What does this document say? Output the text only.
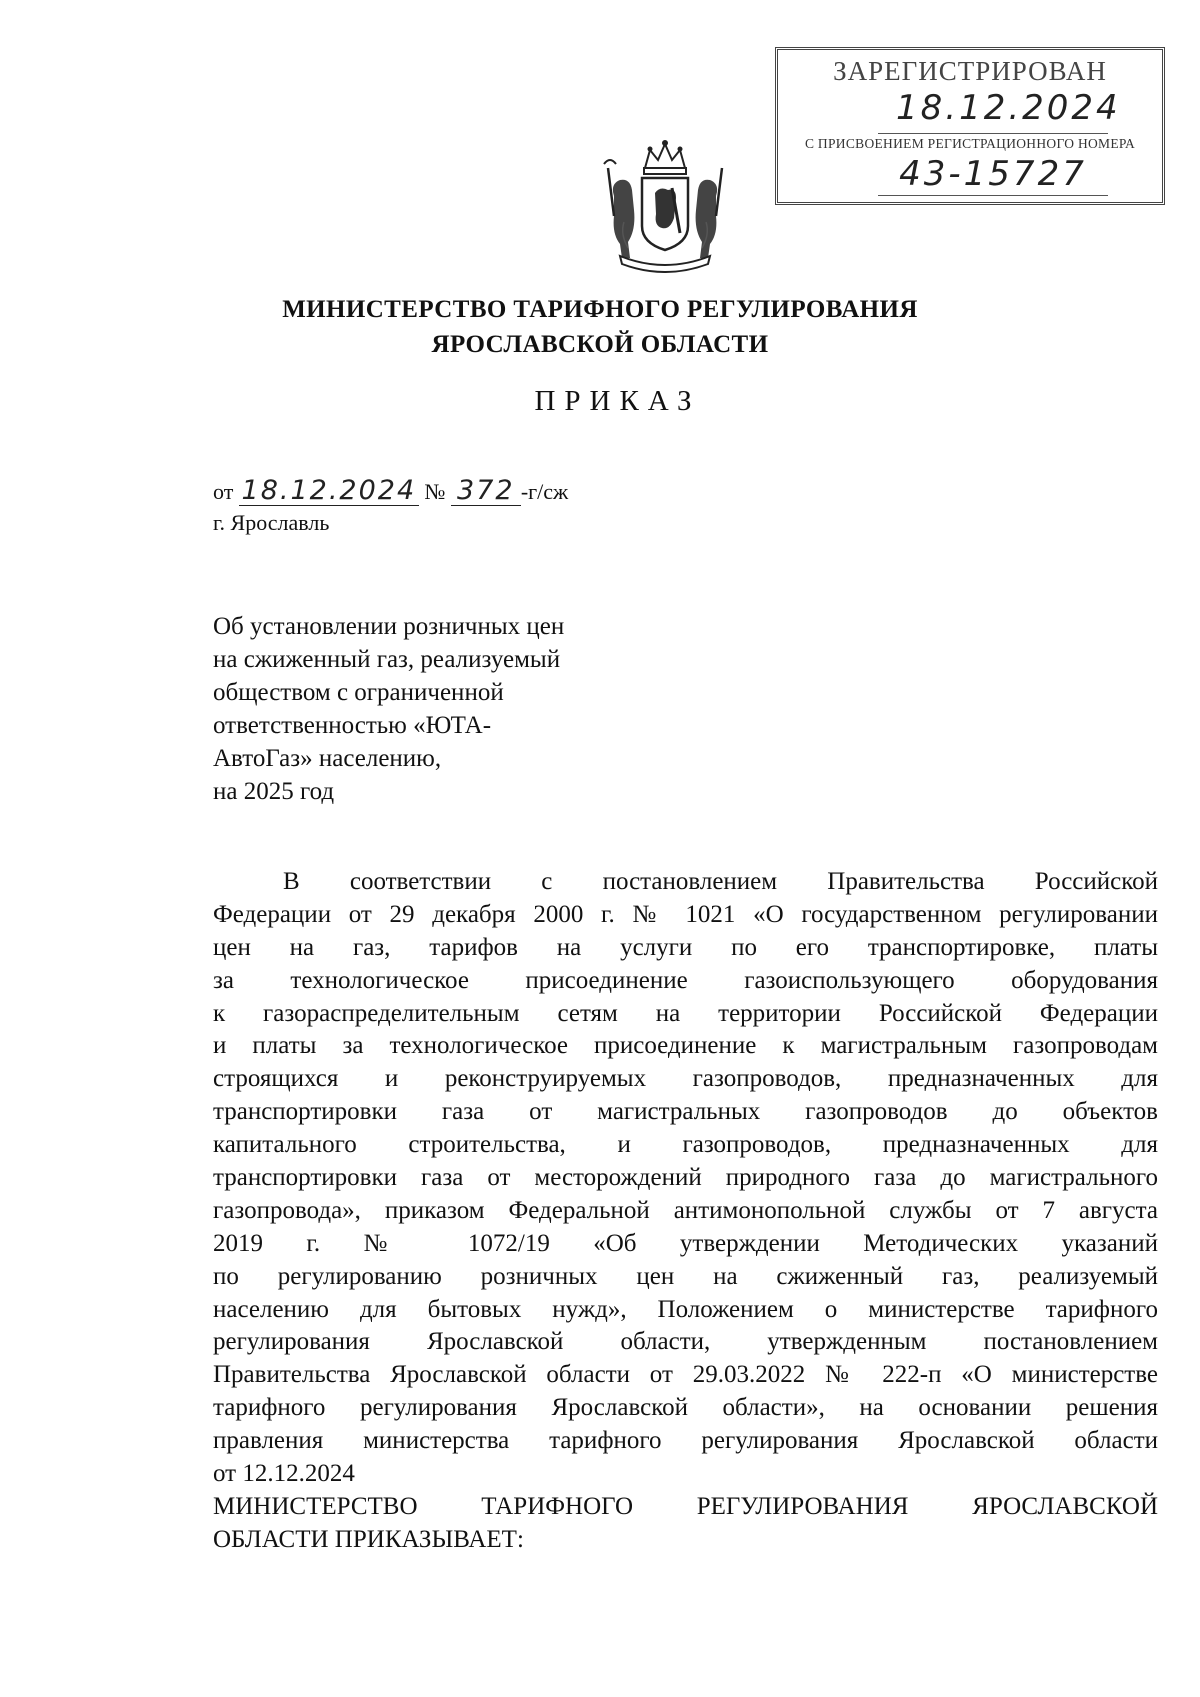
ЗАРЕГИСТРИРОВАН
18.12.2024
С ПРИСВОЕНИЕМ РЕГИСТРАЦИОННОГО НОМЕРА
43-15727
МИНИСТЕРСТВО ТАРИФНОГО РЕГУЛИРОВАНИЯ
ЯРОСЛАВСКОЙ ОБЛАСТИ
ПРИКАЗ
от 18.12.2024 № 372 -г/сж
г. Ярославль
Об установлении розничных цен
на сжиженный газ, реализуемый
обществом с ограниченной
ответственностью «ЮТА-
АвтоГаз» населению,
на 2025 год
В соответствии с постановлением Правительства Российской
Федерации от 29 декабря 2000 г. № 1021 «О государственном регулировании
цен на газ, тарифов на услуги по его транспортировке, платы
за технологическое присоединение газоиспользующего оборудования
к газораспределительным сетям на территории Российской Федерации
и платы за технологическое присоединение к магистральным газопроводам
строящихся и реконструируемых газопроводов, предназначенных для
транспортировки газа от магистральных газопроводов до объектов
капитального строительства, и газопроводов, предназначенных для
транспортировки газа от месторождений природного газа до магистрального
газопровода», приказом Федеральной антимонопольной службы от 7 августа
2019 г. № 1072/19 «Об утверждении Методических указаний
по регулированию розничных цен на сжиженный газ, реализуемый
населению для бытовых нужд», Положением о министерстве тарифного
регулирования Ярославской области, утвержденным постановлением
Правительства Ярославской области от 29.03.2022 № 222-п «О министерстве
тарифного регулирования Ярославской области», на основании решения
правления министерства тарифного регулирования Ярославской области
от 12.12.2024
МИНИСТЕРСТВО ТАРИФНОГО РЕГУЛИРОВАНИЯ ЯРОСЛАВСКОЙ
ОБЛАСТИ ПРИКАЗЫВАЕТ:
